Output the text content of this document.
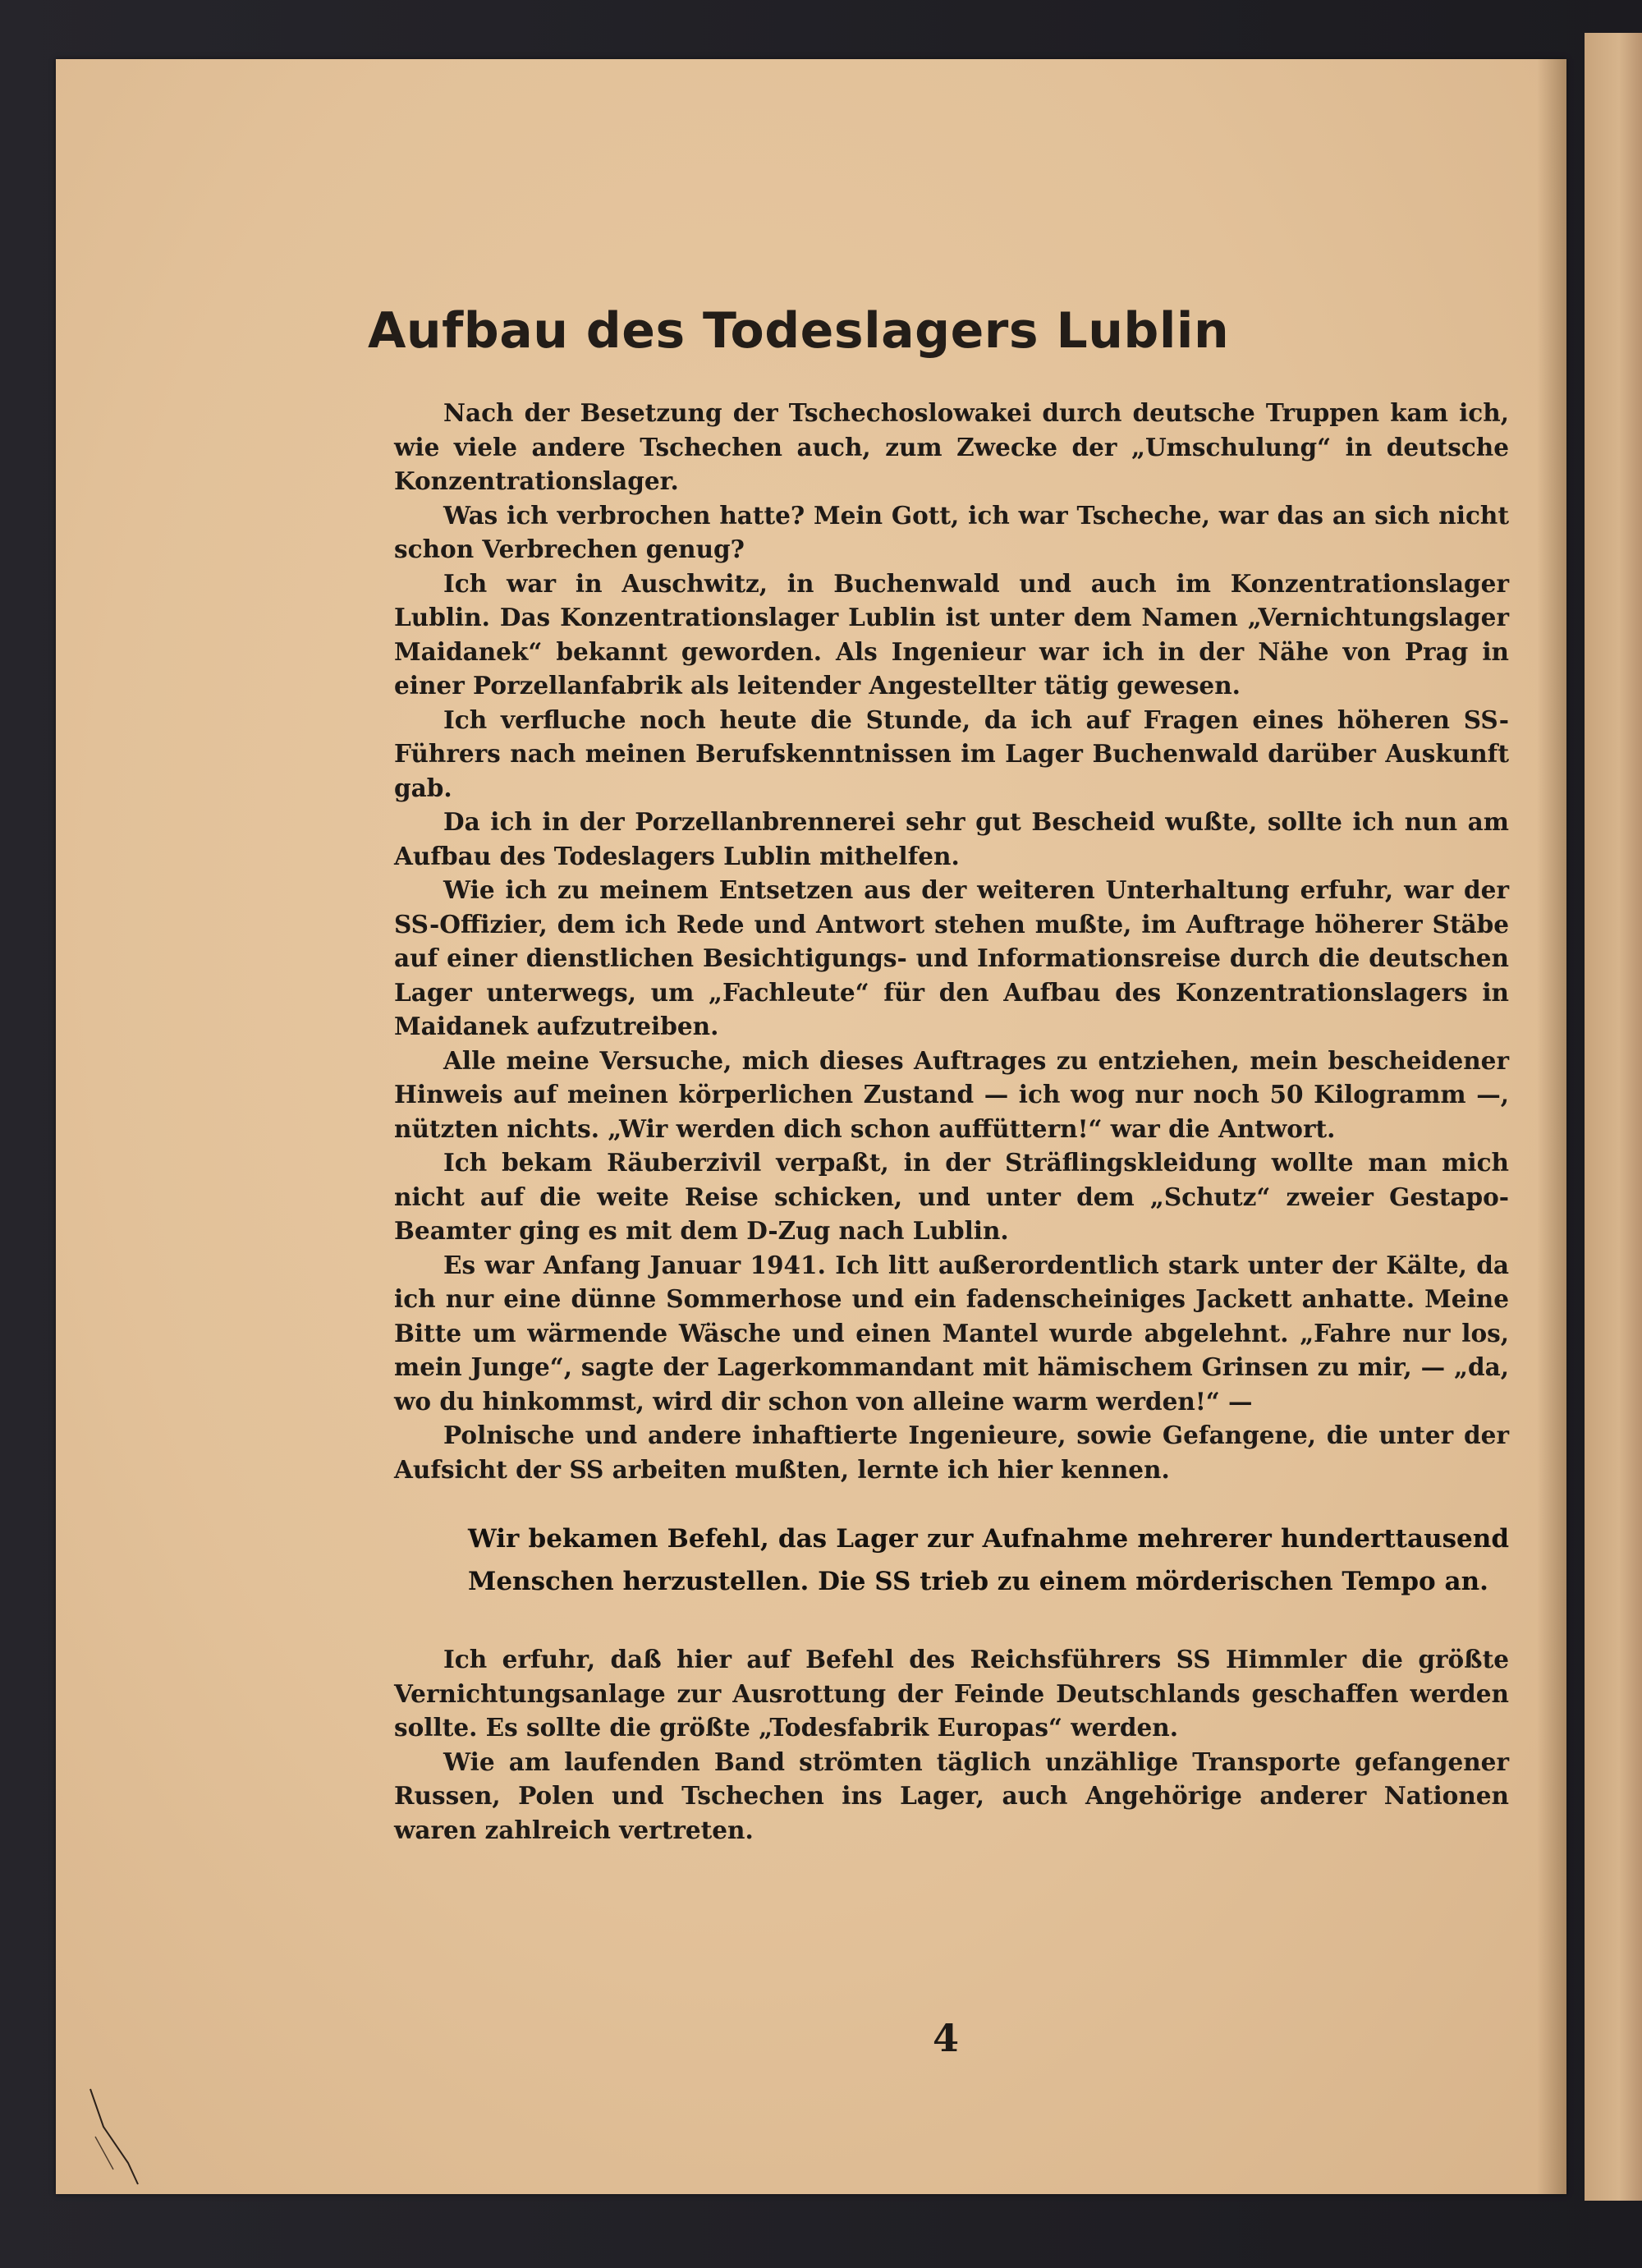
Aufbau des Todeslagers Lublin

Nach der Besetzung der Tschechoslowakei durch deutsche Truppen kam ich, wie viele andere Tschechen auch, zum Zwecke der „Umschulung“ in deutsche Konzentrationslager.

Was ich verbrochen hatte? Mein Gott, ich war Tscheche, war das an sich nicht schon Verbrechen genug?

Ich war in Auschwitz, in Buchenwald und auch im Konzentrationslager Lublin. Das Konzentrationslager Lublin ist unter dem Namen „Vernichtungslager Maidanek“ bekannt geworden. Als Ingenieur war ich in der Nähe von Prag in einer Porzellanfabrik als leitender Angestellter tätig gewesen.

Ich verfluche noch heute die Stunde, da ich auf Fragen eines höheren SS-Führers nach meinen Berufskenntnissen im Lager Buchenwald darüber Auskunft gab.

Da ich in der Porzellanbrennerei sehr gut Bescheid wußte, sollte ich nun am Aufbau des Todeslagers Lublin mithelfen.

Wie ich zu meinem Entsetzen aus der weiteren Unterhaltung erfuhr, war der SS-Offizier, dem ich Rede und Antwort stehen mußte, im Auftrage höherer Stäbe auf einer dienstlichen Besichtigungs- und Informationsreise durch die deutschen Lager unterwegs, um „Fachleute“ für den Aufbau des Konzentrationslagers in Maidanek aufzutreiben.

Alle meine Versuche, mich dieses Auftrages zu entziehen, mein bescheidener Hinweis auf meinen körperlichen Zustand — ich wog nur noch 50 Kilogramm —, nützten nichts. „Wir werden dich schon auffüttern!“ war die Antwort.

Ich bekam Räuberzivil verpaßt, in der Sträflingskleidung wollte man mich nicht auf die weite Reise schicken, und unter dem „Schutz“ zweier Gestapo-Beamter ging es mit dem D-Zug nach Lublin.

Es war Anfang Januar 1941. Ich litt außerordentlich stark unter der Kälte, da ich nur eine dünne Sommerhose und ein fadenscheiniges Jackett anhatte. Meine Bitte um wärmende Wäsche und einen Mantel wurde abgelehnt. „Fahre nur los, mein Junge“, sagte der Lagerkommandant mit hämischem Grinsen zu mir, — „da, wo du hinkommst, wird dir schon von alleine warm werden!“ —

Polnische und andere inhaftierte Ingenieure, sowie Gefangene, die unter der Aufsicht der SS arbeiten mußten, lernte ich hier kennen.

Wir bekamen Befehl, das Lager zur Aufnahme mehrerer hunderttausend Menschen herzustellen. Die SS trieb zu einem mörderischen Tempo an.

Ich erfuhr, daß hier auf Befehl des Reichsführers SS Himmler die größte Vernichtungsanlage zur Ausrottung der Feinde Deutschlands geschaffen werden sollte. Es sollte die größte „Todesfabrik Europas“ werden.

Wie am laufenden Band strömten täglich unzählige Transporte gefangener Russen, Polen und Tschechen ins Lager, auch Angehörige anderer Nationen waren zahlreich vertreten.

4
